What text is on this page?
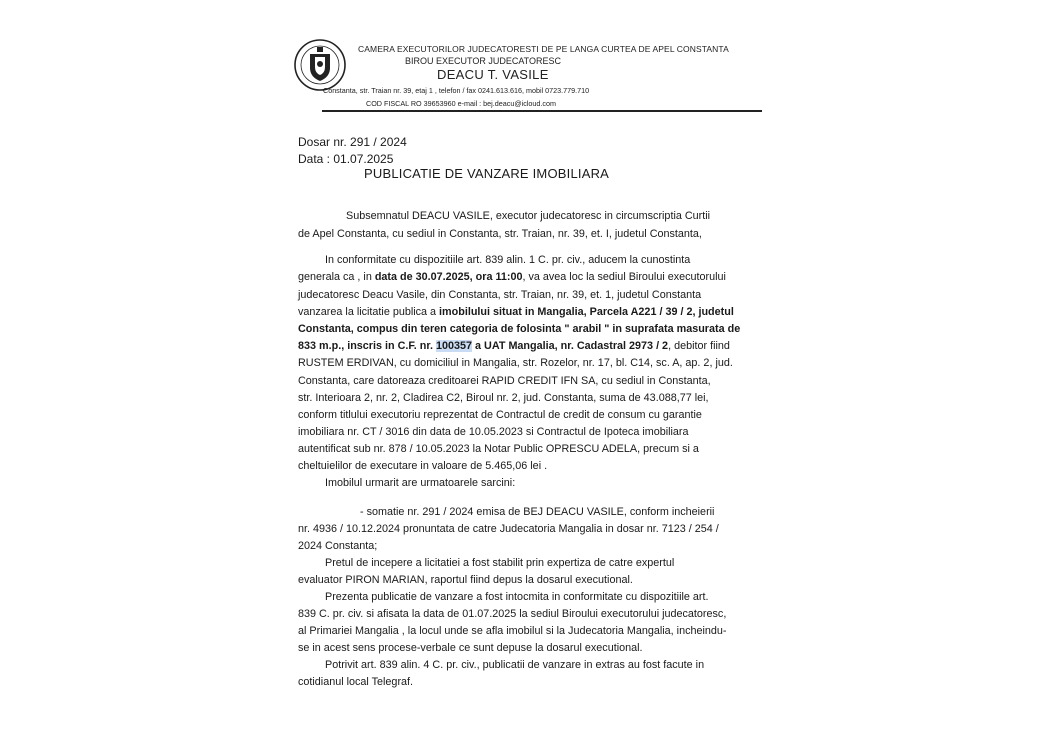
CAMERA EXECUTORILOR JUDECATORESTI DE PE LANGA CURTEA DE APEL CONSTANTA
BIROU EXECUTOR JUDECATORESC
DEACU T. VASILE
Constanta, str. Traian nr. 39, etaj 1 , telefon / fax 0241.613.616, mobil 0723.779.710
COD FISCAL RO 39653960 e-mail : bej.deacu@icloud.com
Dosar nr. 291 / 2024
Data : 01.07.2025
PUBLICATIE DE VANZARE IMOBILIARA
Subsemnatul DEACU VASILE, executor judecatoresc in circumscriptia Curtii
de Apel Constanta, cu sediul in Constanta, str. Traian, nr. 39, et. I, judetul Constanta,
In conformitate cu dispozitiile art. 839 alin. 1 C. pr. civ., aducem la cunostinta
generala ca , in data de 30.07.2025, ora 11:00, va avea loc la sediul Biroului executorului
judecatoresc Deacu Vasile, din Constanta, str. Traian, nr. 39, et. 1, judetul Constanta
vanzarea la licitatie publica a imobilului situat in Mangalia, Parcela A221 / 39 / 2, judetul
Constanta, compus din teren categoria de folosinta " arabil " in suprafata masurata de
833 m.p., inscris in C.F. nr. 100357 a UAT Mangalia, nr. Cadastral 2973 / 2, debitor fiind
RUSTEM ERDIVAN, cu domiciliul in Mangalia, str. Rozelor, nr. 17, bl. C14, sc. A, ap. 2, jud.
Constanta, care datoreaza creditoarei RAPID CREDIT IFN SA, cu sediul in Constanta,
str. Interioara 2, nr. 2, Cladirea C2, Biroul nr. 2, jud. Constanta, suma de 43.088,77 lei,
conform titlului executoriu reprezentat de Contractul de credit de consum cu garantie
imobiliara nr. CT / 3016 din data de 10.05.2023 si Contractul de Ipoteca imobiliara
autentificat sub nr. 878 / 10.05.2023 la Notar Public OPRESCU ADELA, precum si a
cheltuielilor de executare in valoare de 5.465,06 lei .
Imobilul urmarit are urmatoarele sarcini:
- somatie nr. 291 / 2024 emisa de BEJ DEACU VASILE, conform incheierii
nr. 4936 / 10.12.2024 pronuntata de catre Judecatoria Mangalia in dosar nr. 7123 / 254 /
2024 Constanta;
Pretul de incepere a licitatiei a fost stabilit prin expertiza de catre expertul
evaluator PIRON MARIAN, raportul fiind depus la dosarul executional.
Prezenta publicatie de vanzare a fost intocmita in conformitate cu dispozitiile art.
839 C. pr. civ. si afisata la data de 01.07.2025 la sediul Biroului executorului judecatoresc,
al Primariei Mangalia , la locul unde se afla imobilul si la Judecatoria Mangalia, incheindu-
se in acest sens procese-verbale ce sunt depuse la dosarul executional.
Potrivit art. 839 alin. 4 C. pr. civ., publicatii de vanzare in extras au fost facute in
cotidianul local Telegraf.
